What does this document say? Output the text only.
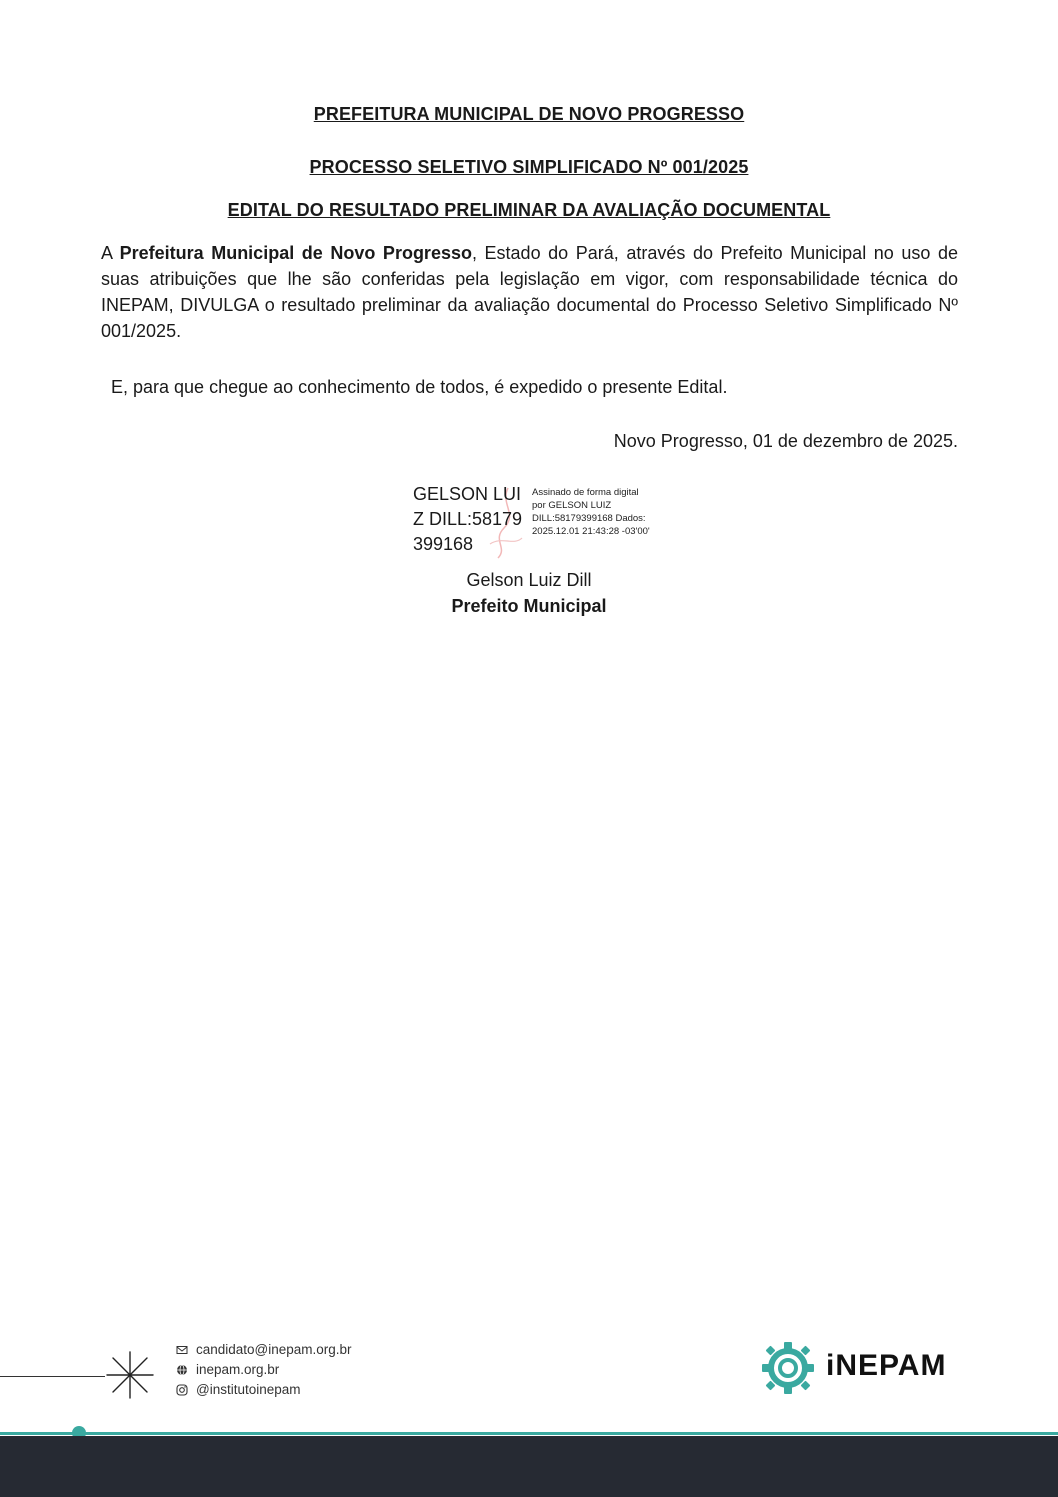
PREFEITURA MUNICIPAL DE NOVO PROGRESSO
PROCESSO SELETIVO SIMPLIFICADO Nº 001/2025
EDITAL DO RESULTADO PRELIMINAR DA AVALIAÇÃO DOCUMENTAL
A Prefeitura Municipal de Novo Progresso, Estado do Pará, através do Prefeito Municipal no uso de suas atribuições que lhe são conferidas pela legislação em vigor, com responsabilidade técnica do INEPAM, DIVULGA o resultado preliminar da avaliação documental do Processo Seletivo Simplificado Nº 001/2025.
E, para que chegue ao conhecimento de todos, é expedido o presente Edital.
Novo Progresso, 01 de dezembro de 2025.
GELSON LUIZ DILL:58179399168
Assinado de forma digital por GELSON LUIZ DILL:58179399168 Dados: 2025.12.01 21:43:28 -03'00'
Gelson Luiz Dill
Prefeito Municipal
candidato@inepam.org.br
inepam.org.br
@institutoinepam
iNEPAM
